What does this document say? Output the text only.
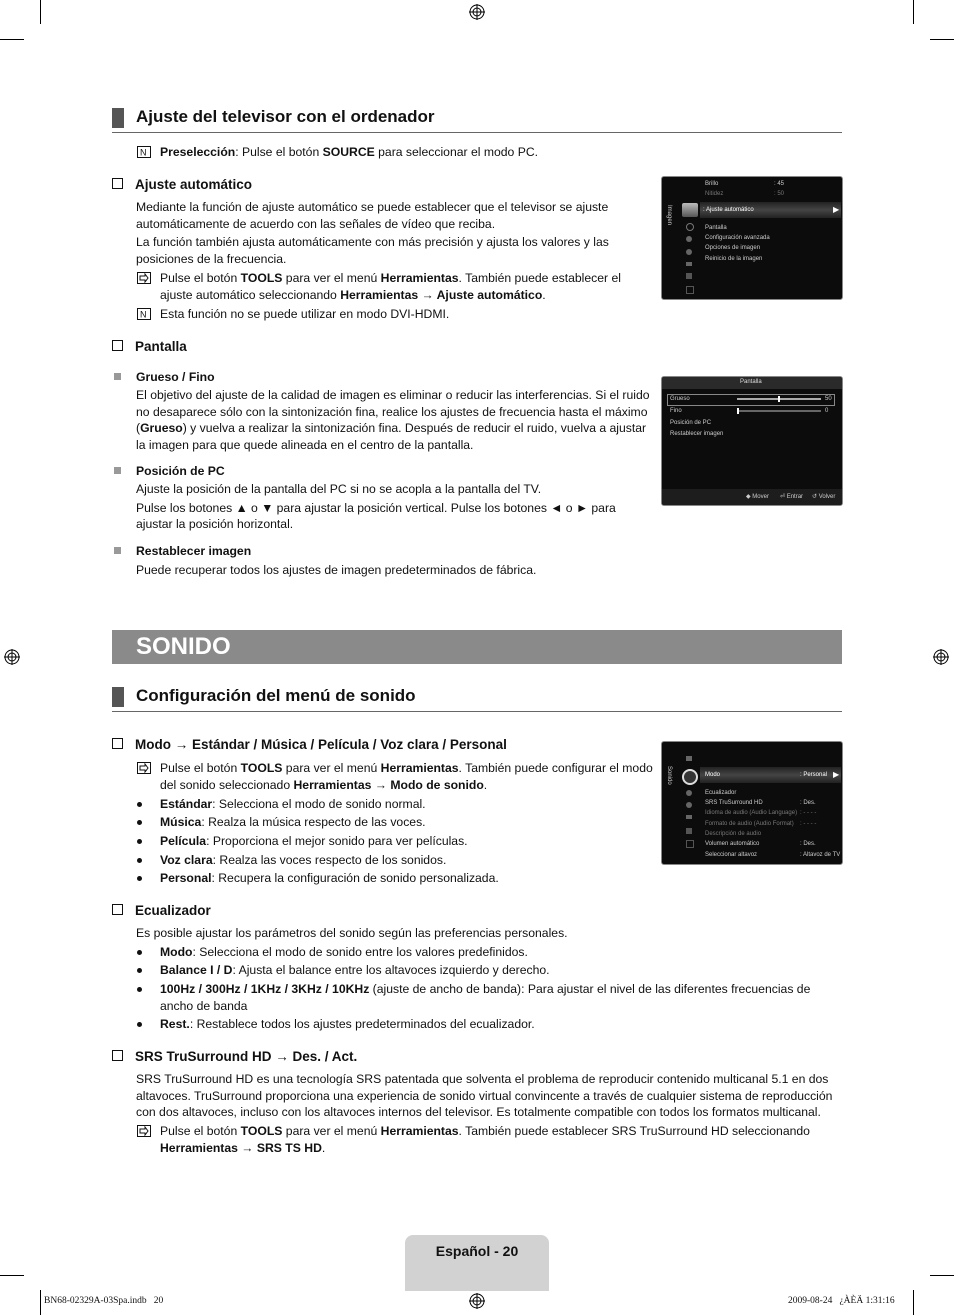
Ajuste del televisor con el ordenador
N Preselección: Pulse el botón SOURCE para seleccionar el modo PC.
Ajuste automático
Mediante la función de ajuste automático se puede establecer que el televisor se ajuste
automáticamente de acuerdo con las señales de vídeo que reciba.
La función también ajusta automáticamente con más precisión y ajusta los valores y las
posiciones de la frecuencia.
Pulse el botón TOOLS para ver el menú Herramientas. También puede establecer el
ajuste automático seleccionando Herramientas → Ajuste automático.
N Esta función no se puede utilizar en modo DVI-HDMI.
Imagen
Brillo	: 45
Nitidez	: 50
: Ajuste automático	▶
Pantalla
Configuración avanzada
Opciones de imagen
Reinicio de la imagen
Pantalla
Grueso / Fino
El objetivo del ajuste de la calidad de imagen es eliminar o reducir las interferencias. Si el ruido
no desaparece sólo con la sintonización fina, realice los ajustes de frecuencia hasta el máximo
(Grueso) y vuelva a realizar la sintonización fina. Después de reducir el ruido, vuelva a ajustar
la imagen para que quede alineada en el centro de la pantalla.
Posición de PC
Ajuste la posición de la pantalla del PC si no se acopla a la pantalla del TV.
Pulse los botones ▲ o ▼ para ajustar la posición vertical. Pulse los botones ◄ o ► para
ajustar la posición horizontal.
Restablecer imagen
Puede recuperar todos los ajustes de imagen predeterminados de fábrica.
Pantalla
Grueso	50
Fino	0
Posición de PC
Restablecer imagen
◆ Mover ⏎ Entrar ↺ Volver
SONIDO
Configuración del menú de sonido
Modo → Estándar / Música / Película / Voz clara / Personal
Pulse el botón TOOLS para ver el menú Herramientas. También puede configurar el modo
del sonido seleccionado Herramientas → Modo de sonido.
Estándar: Selecciona el modo de sonido normal.
Música: Realza la música respecto de las voces.
Película: Proporciona el mejor sonido para ver películas.
Voz clara: Realza las voces respecto de los sonidos.
Personal: Recupera la configuración de sonido personalizada.
Sonido	Modo	: Personal ▶
Ecualizador
SRS TruSurround HD	: Des.
Idioma de audio (Audio Language) : - - - -
Formato de audio (Audio Format) : - - - -
Descripción de audio
Volumen automático	: Des.
Seleccionar altavoz	: Altavoz de TV
Ecualizador
Es posible ajustar los parámetros del sonido según las preferencias personales.
Modo: Selecciona el modo de sonido entre los valores predefinidos.
Balance I / D: Ajusta el balance entre los altavoces izquierdo y derecho.
100Hz / 300Hz / 1KHz / 3KHz / 10KHz (ajuste de ancho de banda): Para ajustar el nivel de las diferentes frecuencias de
ancho de banda
Rest.: Restablece todos los ajustes predeterminados del ecualizador.
SRS TruSurround HD → Des. / Act.
SRS TruSurround HD es una tecnología SRS patentada que solventa el problema de reproducir contenido multicanal 5.1 en dos
altavoces. TruSurround proporciona una experiencia de sonido virtual convincente a través de cualquier sistema de reproducción
con dos altavoces, incluso con los altavoces internos del televisor. Es totalmente compatible con todos los formatos multicanal.
Pulse el botón TOOLS para ver el menú Herramientas. También puede establecer SRS TruSurround HD seleccionando
Herramientas → SRS TS HD.
Español - 20
BN68-02329A-03Spa.indb   20	2009-08-24   ¿ÀÈÄ 1:31:16
